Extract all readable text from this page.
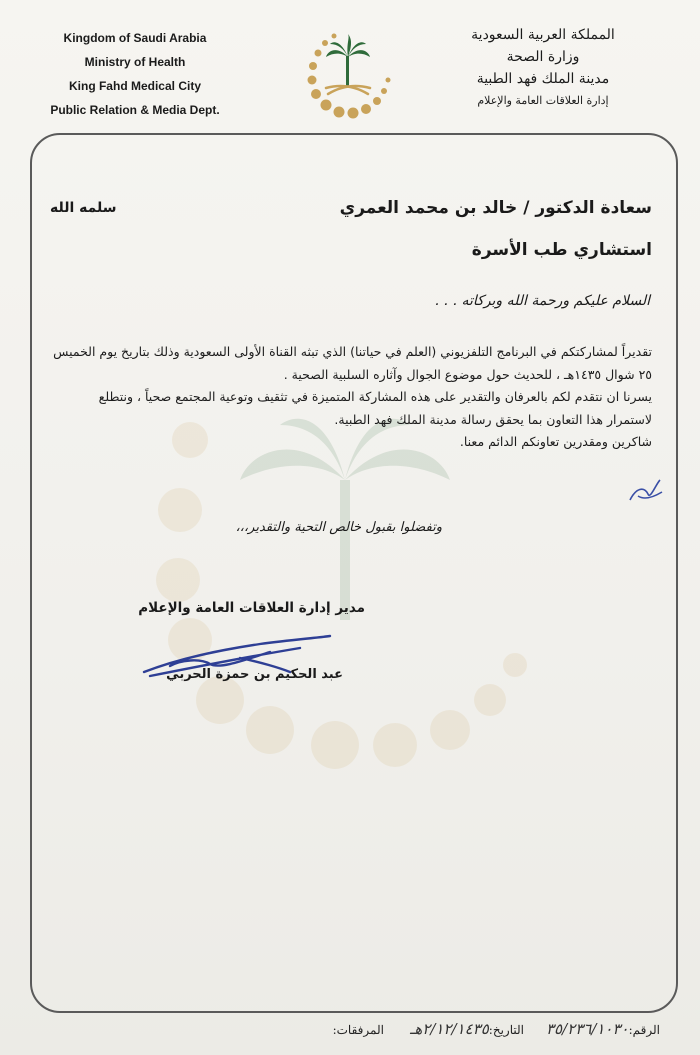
Kingdom of Saudi Arabia
Ministry of Health
King Fahd Medical City
Public Relation & Media Dept.
المملكة العربية السعودية
وزارة الصحة
مدينة الملك فهد الطبية
إدارة العلاقات العامة والإعلام
سعادة الدكتور / خالد بن محمد العمري
سلمه الله
استشاري طب الأسرة
السلام عليكم ورحمة الله وبركاته . . .

تقديراً لمشاركتكم في البرنامج التلفزيوني (العلم في حياتنا) الذي تبثه القناة الأولى السعودية وذلك بتاريخ يوم الخميس ٢٥ شوال ١٤٣٥هـ ، للحديث حول موضوع الجوال وآثاره السلبية الصحية .

يسرنا ان نتقدم لكم بالعرفان والتقدير على هذه المشاركة المتميزة في تثقيف وتوعية المجتمع صحياً ، ونتطلع لاستمرار هذا التعاون بما يحقق رسالة مدينة الملك فهد الطبية.

شاكرين ومقدرين تعاونكم الدائم معنا.

وتفضلوا بقبول خالص التحية والتقدير،،،
مدير إدارة العلاقات العامة والإعلام
عبد الحكيم بن حمزة الحربي
الرقم:
٣٥/٢٣٦/١٠٣٠
التاريخ:
٢/١٢/١٤٣٥هـ
المرفقات:
